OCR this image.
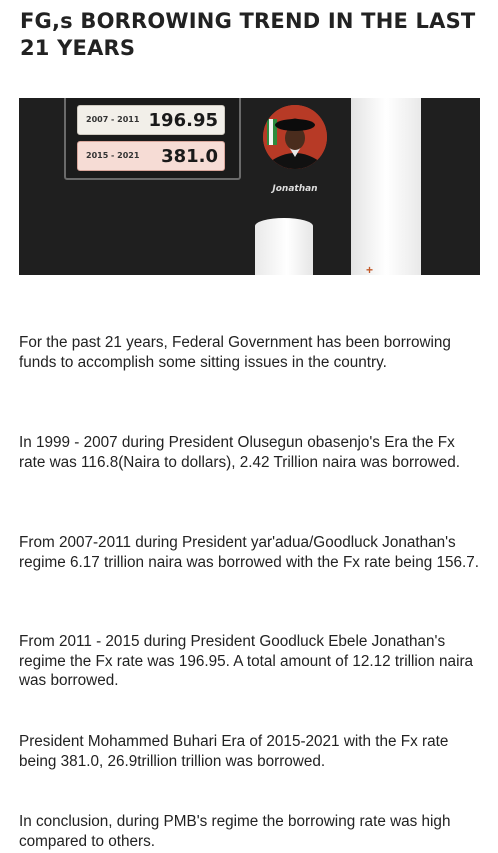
FG,s BORROWING TREND IN THE LAST 21 YEARS
2007 - 2011 196.95
2015 - 2021 381.0
Jonathan
+

For the past 21 years, Federal Government has been borrowing funds to accomplish some sitting issues in the country.

In 1999 - 2007 during President Olusegun obasenjo's Era the Fx rate was 116.8(Naira to dollars), 2.42 Trillion naira was borrowed.

From 2007-2011 during President yar'adua/Goodluck Jonathan's regime 6.17 trillion naira was borrowed with the Fx rate being 156.7.

From 2011 - 2015 during President Goodluck Ebele Jonathan's regime the Fx rate was 196.95. A total amount of 12.12 trillion naira was borrowed.

President Mohammed Buhari Era of 2015-2021 with the Fx rate being 381.0, 26.9trillion trillion was borrowed.

In conclusion, during PMB's regime the borrowing rate was high compared to others.
